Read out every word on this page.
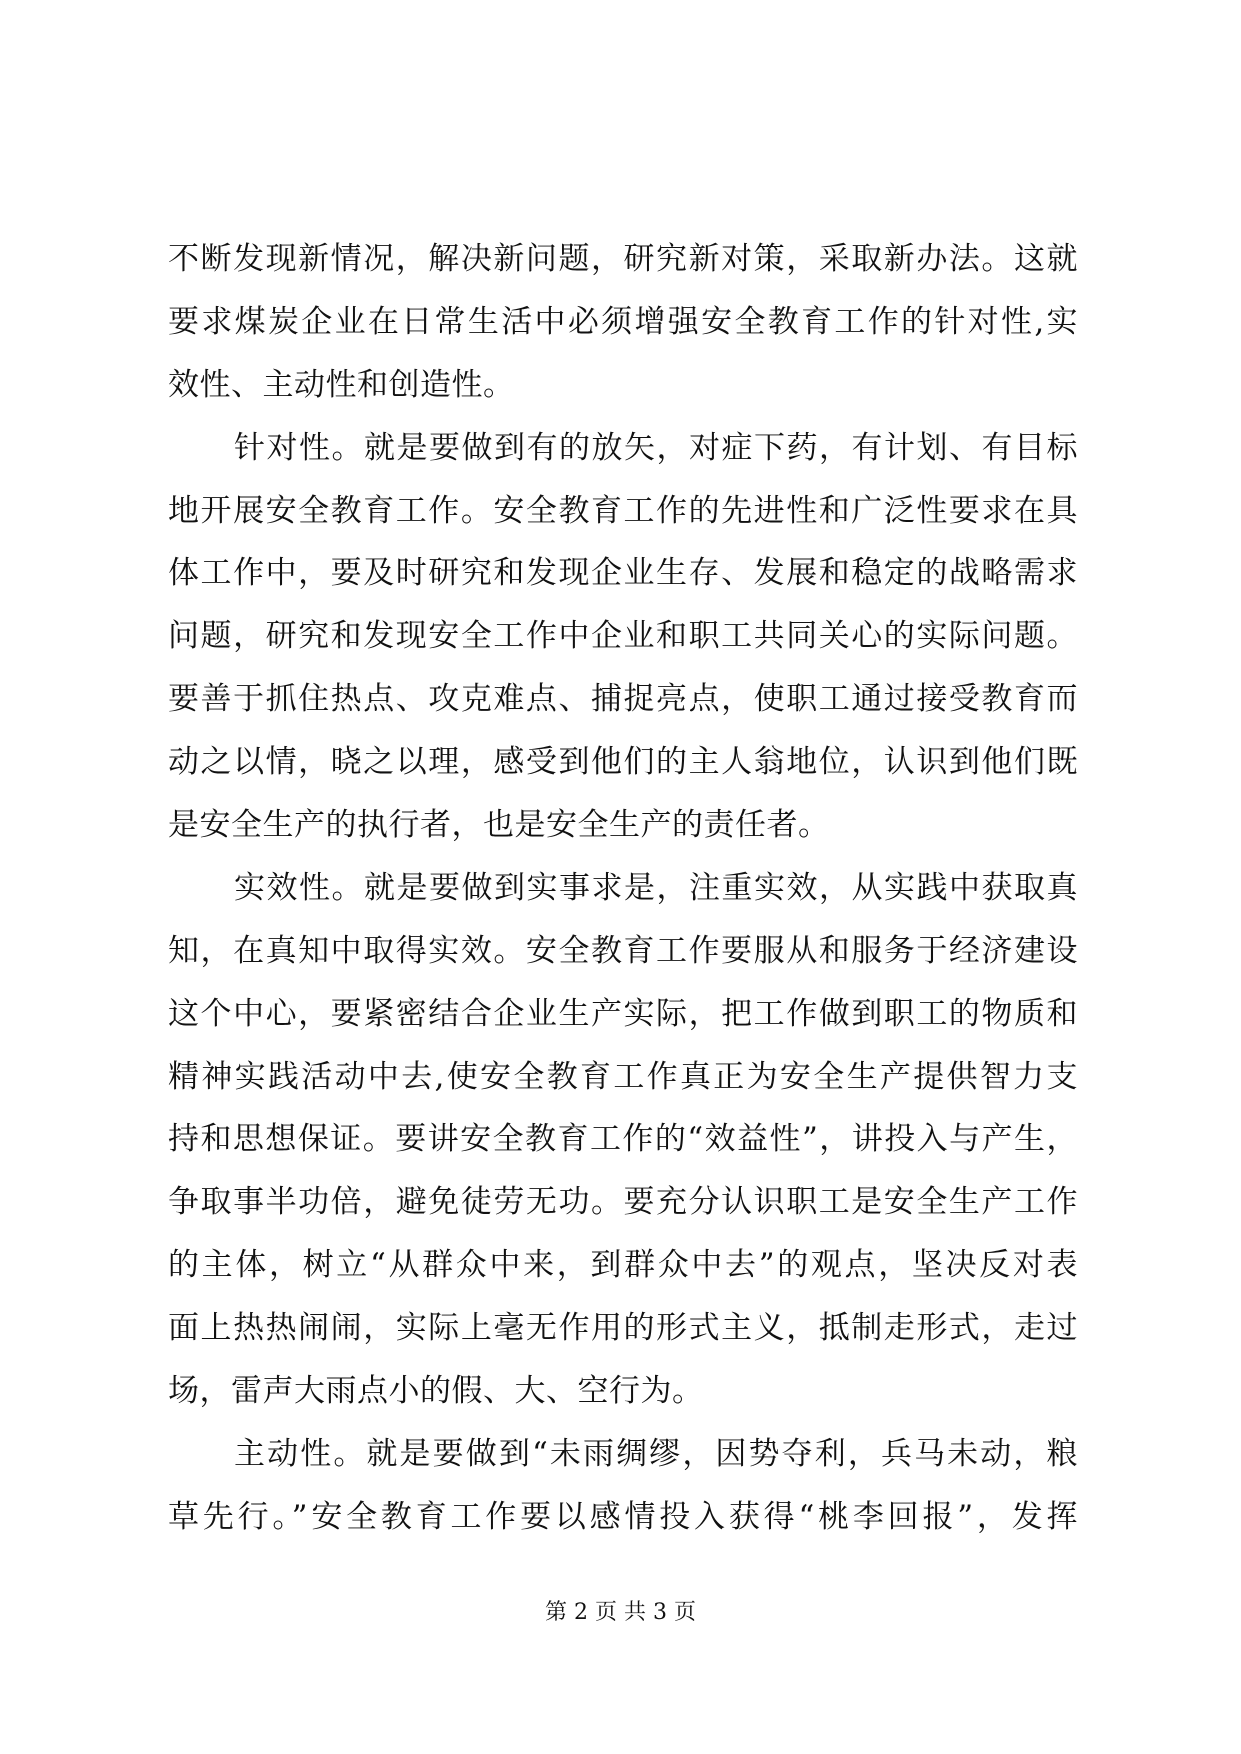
不断发现新情况，解决新问题，研究新对策，采取新办法。这就
要求煤炭企业在日常生活中必须增强安全教育工作的针对性,实
效性、主动性和创造性。
针对性。就是要做到有的放矢，对症下药，有计划、有目标
地开展安全教育工作。安全教育工作的先进性和广泛性要求在具
体工作中，要及时研究和发现企业生存、发展和稳定的战略需求
问题，研究和发现安全工作中企业和职工共同关心的实际问题。
要善于抓住热点、攻克难点、捕捉亮点，使职工通过接受教育而
动之以情，晓之以理，感受到他们的主人翁地位，认识到他们既
是安全生产的执行者，也是安全生产的责任者。
实效性。就是要做到实事求是，注重实效，从实践中获取真
知，在真知中取得实效。安全教育工作要服从和服务于经济建设
这个中心，要紧密结合企业生产实际，把工作做到职工的物质和
精神实践活动中去,使安全教育工作真正为安全生产提供智力支
持和思想保证。要讲安全教育工作的“效益性”，讲投入与产生，
争取事半功倍，避免徒劳无功。要充分认识职工是安全生产工作
的主体，树立“从群众中来，到群众中去”的观点，坚决反对表
面上热热闹闹，实际上毫无作用的形式主义，抵制走形式，走过
场，雷声大雨点小的假、大、空行为。
主动性。就是要做到“未雨绸缪，因势夺利，兵马未动，粮
草先行。”安全教育工作要以感情投入获得“桃李回报”，发挥
第 2 页 共 3 页
